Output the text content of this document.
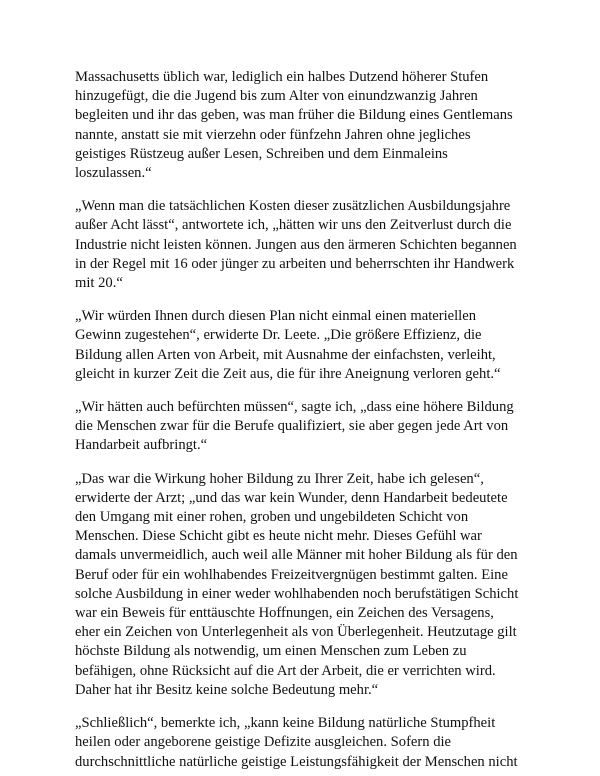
Massachusetts üblich war, lediglich ein halbes Dutzend höherer Stufen
hinzugefügt, die die Jugend bis zum Alter von einundzwanzig Jahren
begleiten und ihr das geben, was man früher die Bildung eines Gentlemans
nannte, anstatt sie mit vierzehn oder fünfzehn Jahren ohne jegliches
geistiges Rüstzeug außer Lesen, Schreiben und dem Einmaleins
loszulassen.“

„Wenn man die tatsächlichen Kosten dieser zusätzlichen Ausbildungsjahre
außer Acht lässt“, antwortete ich, „hätten wir uns den Zeitverlust durch die
Industrie nicht leisten können. Jungen aus den ärmeren Schichten begannen
in der Regel mit 16 oder jünger zu arbeiten und beherrschten ihr Handwerk
mit 20.“

„Wir würden Ihnen durch diesen Plan nicht einmal einen materiellen
Gewinn zugestehen“, erwiderte Dr. Leete. „Die größere Effizienz, die
Bildung allen Arten von Arbeit, mit Ausnahme der einfachsten, verleiht,
gleicht in kurzer Zeit die Zeit aus, die für ihre Aneignung verloren geht.“

„Wir hätten auch befürchten müssen“, sagte ich, „dass eine höhere Bildung
die Menschen zwar für die Berufe qualifiziert, sie aber gegen jede Art von
Handarbeit aufbringt.“

„Das war die Wirkung hoher Bildung zu Ihrer Zeit, habe ich gelesen“,
erwiderte der Arzt; „und das war kein Wunder, denn Handarbeit bedeutete
den Umgang mit einer rohen, groben und ungebildeten Schicht von
Menschen. Diese Schicht gibt es heute nicht mehr. Dieses Gefühl war
damals unvermeidlich, auch weil alle Männer mit hoher Bildung als für den
Beruf oder für ein wohlhabendes Freizeitvergnügen bestimmt galten. Eine
solche Ausbildung in einer weder wohlhabenden noch berufstätigen Schicht
war ein Beweis für enttäuschte Hoffnungen, ein Zeichen des Versagens,
eher ein Zeichen von Unterlegenheit als von Überlegenheit. Heutzutage gilt
höchste Bildung als notwendig, um einen Menschen zum Leben zu
befähigen, ohne Rücksicht auf die Art der Arbeit, die er verrichten wird.
Daher hat ihr Besitz keine solche Bedeutung mehr.“

„Schließlich“, bemerkte ich, „kann keine Bildung natürliche Stumpfheit
heilen oder angeborene geistige Defizite ausgleichen. Sofern die
durchschnittliche natürliche geistige Leistungsfähigkeit der Menschen nicht
